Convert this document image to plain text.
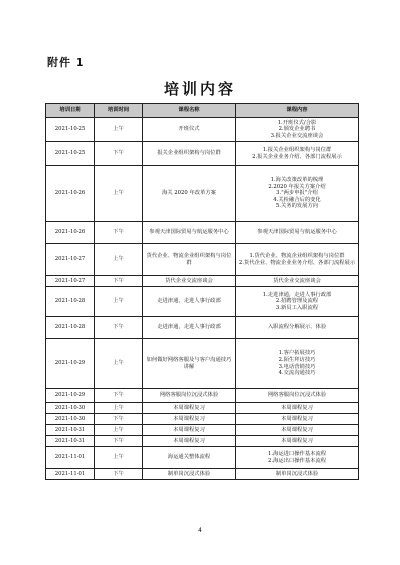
附件 1
培训内容
培训日期	培训时间	课程名称	课程内容
2021-10-25	上午	开班仪式	1.开班仪式/合影
2.颁发企业聘书
3.报关企业交流座谈会
2021-10-25	下午	报关企业组织架构与岗位群	1.报关企业组织架构与岗位群
2.报关企业业务介绍、各部门流程展示
2021-10-26	上午	海关 2020 年改革方案	1.海关改策改革的梳理
2.2020 年报关方案介绍
3."两步申报"介绍
4.关检融合后的变化
5.关务的发展方向
2021-10-26	下午	参观天津国际贸易与航运服务中心	参观天津国际贸易与航运服务中心
2021-10-27	上午	货代企业、物流企业组织架构与岗位群	1.货代企业、物流企业组织架构与岗位群
2.货代企业、物流企业业务介绍、各部门流程展示
2021-10-27	下午	货代企业交流座谈会	货代企业交流座谈会
2021-10-28	上午	走进津通，走进人事行政部	1.走进津通，走进人事行政部
2.招聘管理及流程
3.新员工入职流程
2021-10-28	下午	走进津通，走进人事行政部	入职流程分解展示、体验
2021-10-29	上午	如何做好网络客服及与客户沟通技巧讲解	1.客户拓展技巧
2.陌生拜访技巧
3.电话营销技巧
4.交流沟通技巧
2021-10-29	下午	网络客服岗位沉浸式体验	网络客服岗位沉浸式体验
2021-10-30	上午	本周课程复习	本周课程复习
2021-10-30	下午	本周课程复习	本周课程复习
2021-10-31	上午	本周课程复习	本周课程复习
2021-10-31	下午	本周课程复习	本周课程复习
2021-11-01	上午	海运通关整体流程	1.海运进口操作基本流程
2.海运出口操作基本流程
2021-11-01	下午	制单岗沉浸式体验	制单岗沉浸式体验
4
